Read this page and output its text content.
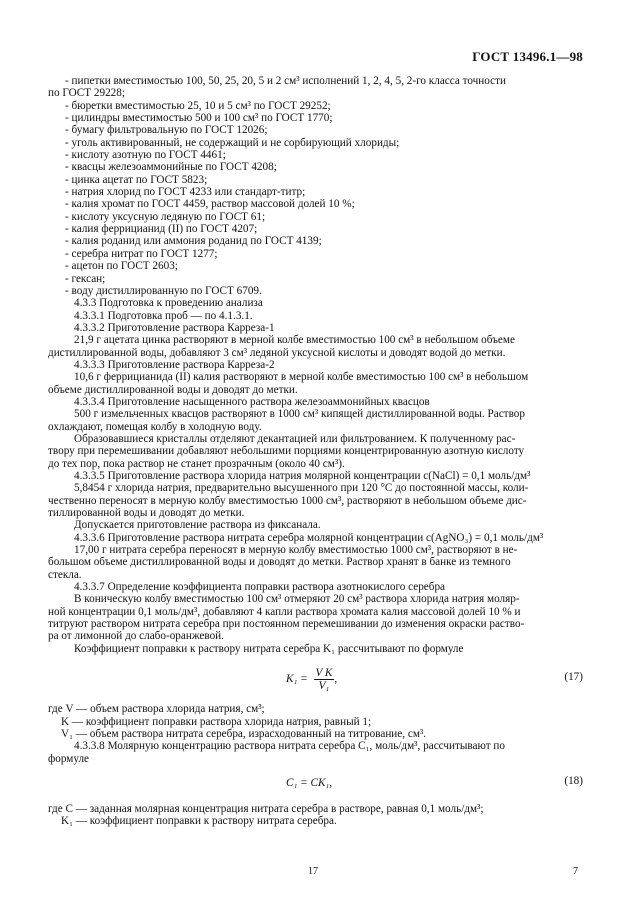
ГОСТ 13496.1—98

- пипетки вместимостью 100, 50, 25, 20, 5 и 2 см³ исполнений 1, 2, 4, 5, 2-го класса точности

по ГОСТ 29228;

- бюретки вместимостью 25, 10 и 5 см³ по ГОСТ 29252;

- цилиндры вместимостью 500 и 100 см³ по ГОСТ 1770;

- бумагу фильтровальную по ГОСТ 12026;

- уголь активированный, не содержащий и не сорбирующий хлориды;

- кислоту азотную по ГОСТ 4461;

- квасцы железоаммонийные по ГОСТ 4208;

- цинка ацетат по ГОСТ 5823;

- натрия хлорид по ГОСТ 4233 или стандарт-титр;

- калия хромат по ГОСТ 4459, раствор массовой долей 10 %;

- кислоту уксусную ледяную по ГОСТ 61;

- калия феррицианид (II) по ГОСТ 4207;

- калия роданид или аммония роданид по ГОСТ 4139;

- серебра нитрат по ГОСТ 1277;

- ацетон по ГОСТ 2603;

- гексан;

- воду дистиллированную по ГОСТ 6709.

4.3.3 Подготовка к проведению анализа

4.3.3.1 Подготовка проб — по 4.1.3.1.

4.3.3.2 Приготовление раствора Карреза-1

21,9 г ацетата цинка растворяют в мерной колбе вместимостью 100 см³ в небольшом объеме

дистиллированной воды, добавляют 3 см³ ледяной уксусной кислоты и доводят водой до метки.

4.3.3.3 Приготовление раствора Карреза-2

10,6 г феррицианида (II) калия растворяют в мерной колбе вместимостью 100 см³ в небольшом

объеме дистиллированной воды и доводят до метки.

4.3.3.4 Приготовление насыщенного раствора железоаммонийных квасцов

500 г измельченных квасцов растворяют в 1000 см³ кипящей дистиллированной воды. Раствор

охлаждают, помещая колбу в холодную воду.

Образовавшиеся кристаллы отделяют декантацией или фильтрованием. К полученному рас-

твору при перемешивании добавляют небольшими порциями концентрированную азотную кислоту

до тех пор, пока раствор не станет прозрачным (около 40 см³).

4.3.3.5 Приготовление раствора хлорида натрия молярной концентрации c(NaCl) = 0,1 моль/дм³

5,8454 г хлорида натрия, предварительно высушенного при 120 °С до постоянной массы, коли-

чественно переносят в мерную колбу вместимостью 1000 см³, растворяют в небольшом объеме дис-

тиллированной воды и доводят до метки.

Допускается приготовление раствора из фиксанала.

4.3.3.6 Приготовление раствора нитрата серебра молярной концентрации c(AgNO₃) = 0,1 моль/дм³

17,00 г нитрата серебра переносят в мерную колбу вместимостью 1000 см³, растворяют в не-

большом объеме дистиллированной воды и доводят до метки. Раствор хранят в банке из темного

стекла.

4.3.3.7 Определение коэффициента поправки раствора азотнокислого серебра

В коническую колбу вместимостью 100 см³ отмеряют 20 см³ раствора хлорида натрия моляр-

ной концентрации 0,1 моль/дм³, добавляют 4 капли раствора хромата калия массовой долей 10 % и

титруют раствором нитрата серебра при постоянном перемешивании до изменения окраски раство-

ра от лимонной до слабо-оранжевой.

Коэффициент поправки к раствору нитрата серебра K₁ рассчитывают по формуле

$K_1 = \frac{\text{V K}}{\text{V₁}}$ ,	(17)

где V — объем раствора хлорида натрия, см³;

K — коэффициент поправки раствора хлорида натрия, равный 1;

V₁ — объем раствора нитрата серебра, израсходованный на титрование, см³.

4.3.3.8 Молярную концентрацию раствора нитрата серебра C₁, моль/дм³, рассчитывают по

формуле

C₁ = CK₁,	(18)

где C — заданная молярная концентрация нитрата серебра в растворе, равная 0,1 моль/дм³;

K₁ — коэффициент поправки к раствору нитрата серебра.

17	7
